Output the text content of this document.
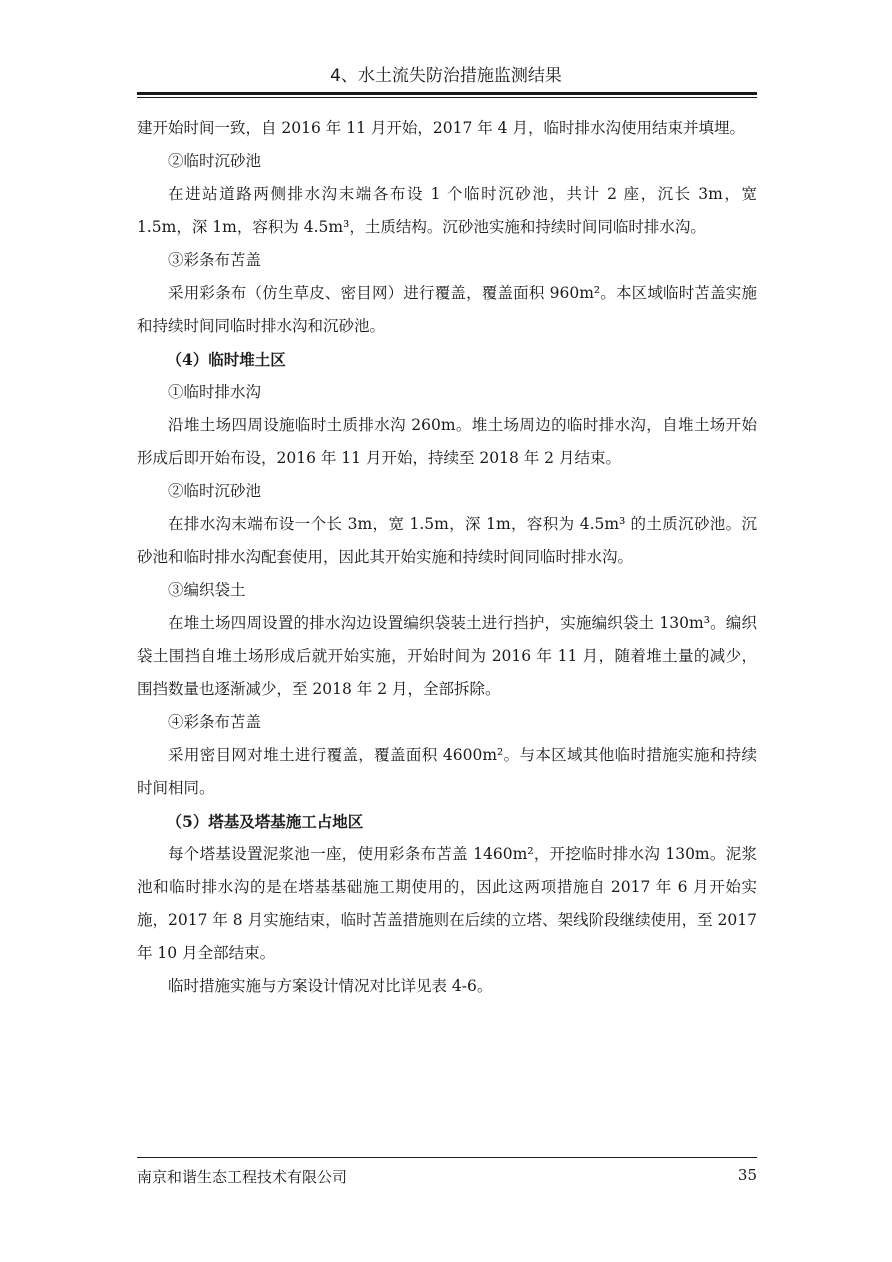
4、水土流失防治措施监测结果

建开始时间一致，自 2016 年 11 月开始，2017 年 4 月，临时排水沟使用结束并填埋。

②临时沉砂池

在进站道路两侧排水沟末端各布设 1 个临时沉砂池，共计 2 座，沉长 3m，宽 1.5m，深 1m，容积为 4.5m³，土质结构。沉砂池实施和持续时间同临时排水沟。

③彩条布苫盖

采用彩条布（仿生草皮、密目网）进行覆盖，覆盖面积 960m²。本区域临时苫盖实施和持续时间同临时排水沟和沉砂池。

（4）临时堆土区

①临时排水沟

沿堆土场四周设施临时土质排水沟 260m。堆土场周边的临时排水沟，自堆土场开始形成后即开始布设，2016 年 11 月开始，持续至 2018 年 2 月结束。

②临时沉砂池

在排水沟末端布设一个长 3m，宽 1.5m，深 1m，容积为 4.5m³ 的土质沉砂池。沉砂池和临时排水沟配套使用，因此其开始实施和持续时间同临时排水沟。

③编织袋土

在堆土场四周设置的排水沟边设置编织袋装土进行挡护，实施编织袋土 130m³。编织袋土围挡自堆土场形成后就开始实施，开始时间为 2016 年 11 月，随着堆土量的减少，围挡数量也逐渐减少，至 2018 年 2 月，全部拆除。

④彩条布苫盖

采用密目网对堆土进行覆盖，覆盖面积 4600m²。与本区域其他临时措施实施和持续时间相同。

（5）塔基及塔基施工占地区

每个塔基设置泥浆池一座，使用彩条布苫盖 1460m²，开挖临时排水沟 130m。泥浆池和临时排水沟的是在塔基基础施工期使用的，因此这两项措施自 2017 年 6 月开始实施，2017 年 8 月实施结束，临时苫盖措施则在后续的立塔、架线阶段继续使用，至 2017 年 10 月全部结束。

临时措施实施与方案设计情况对比详见表 4-6。

南京和谐生态工程技术有限公司	35
